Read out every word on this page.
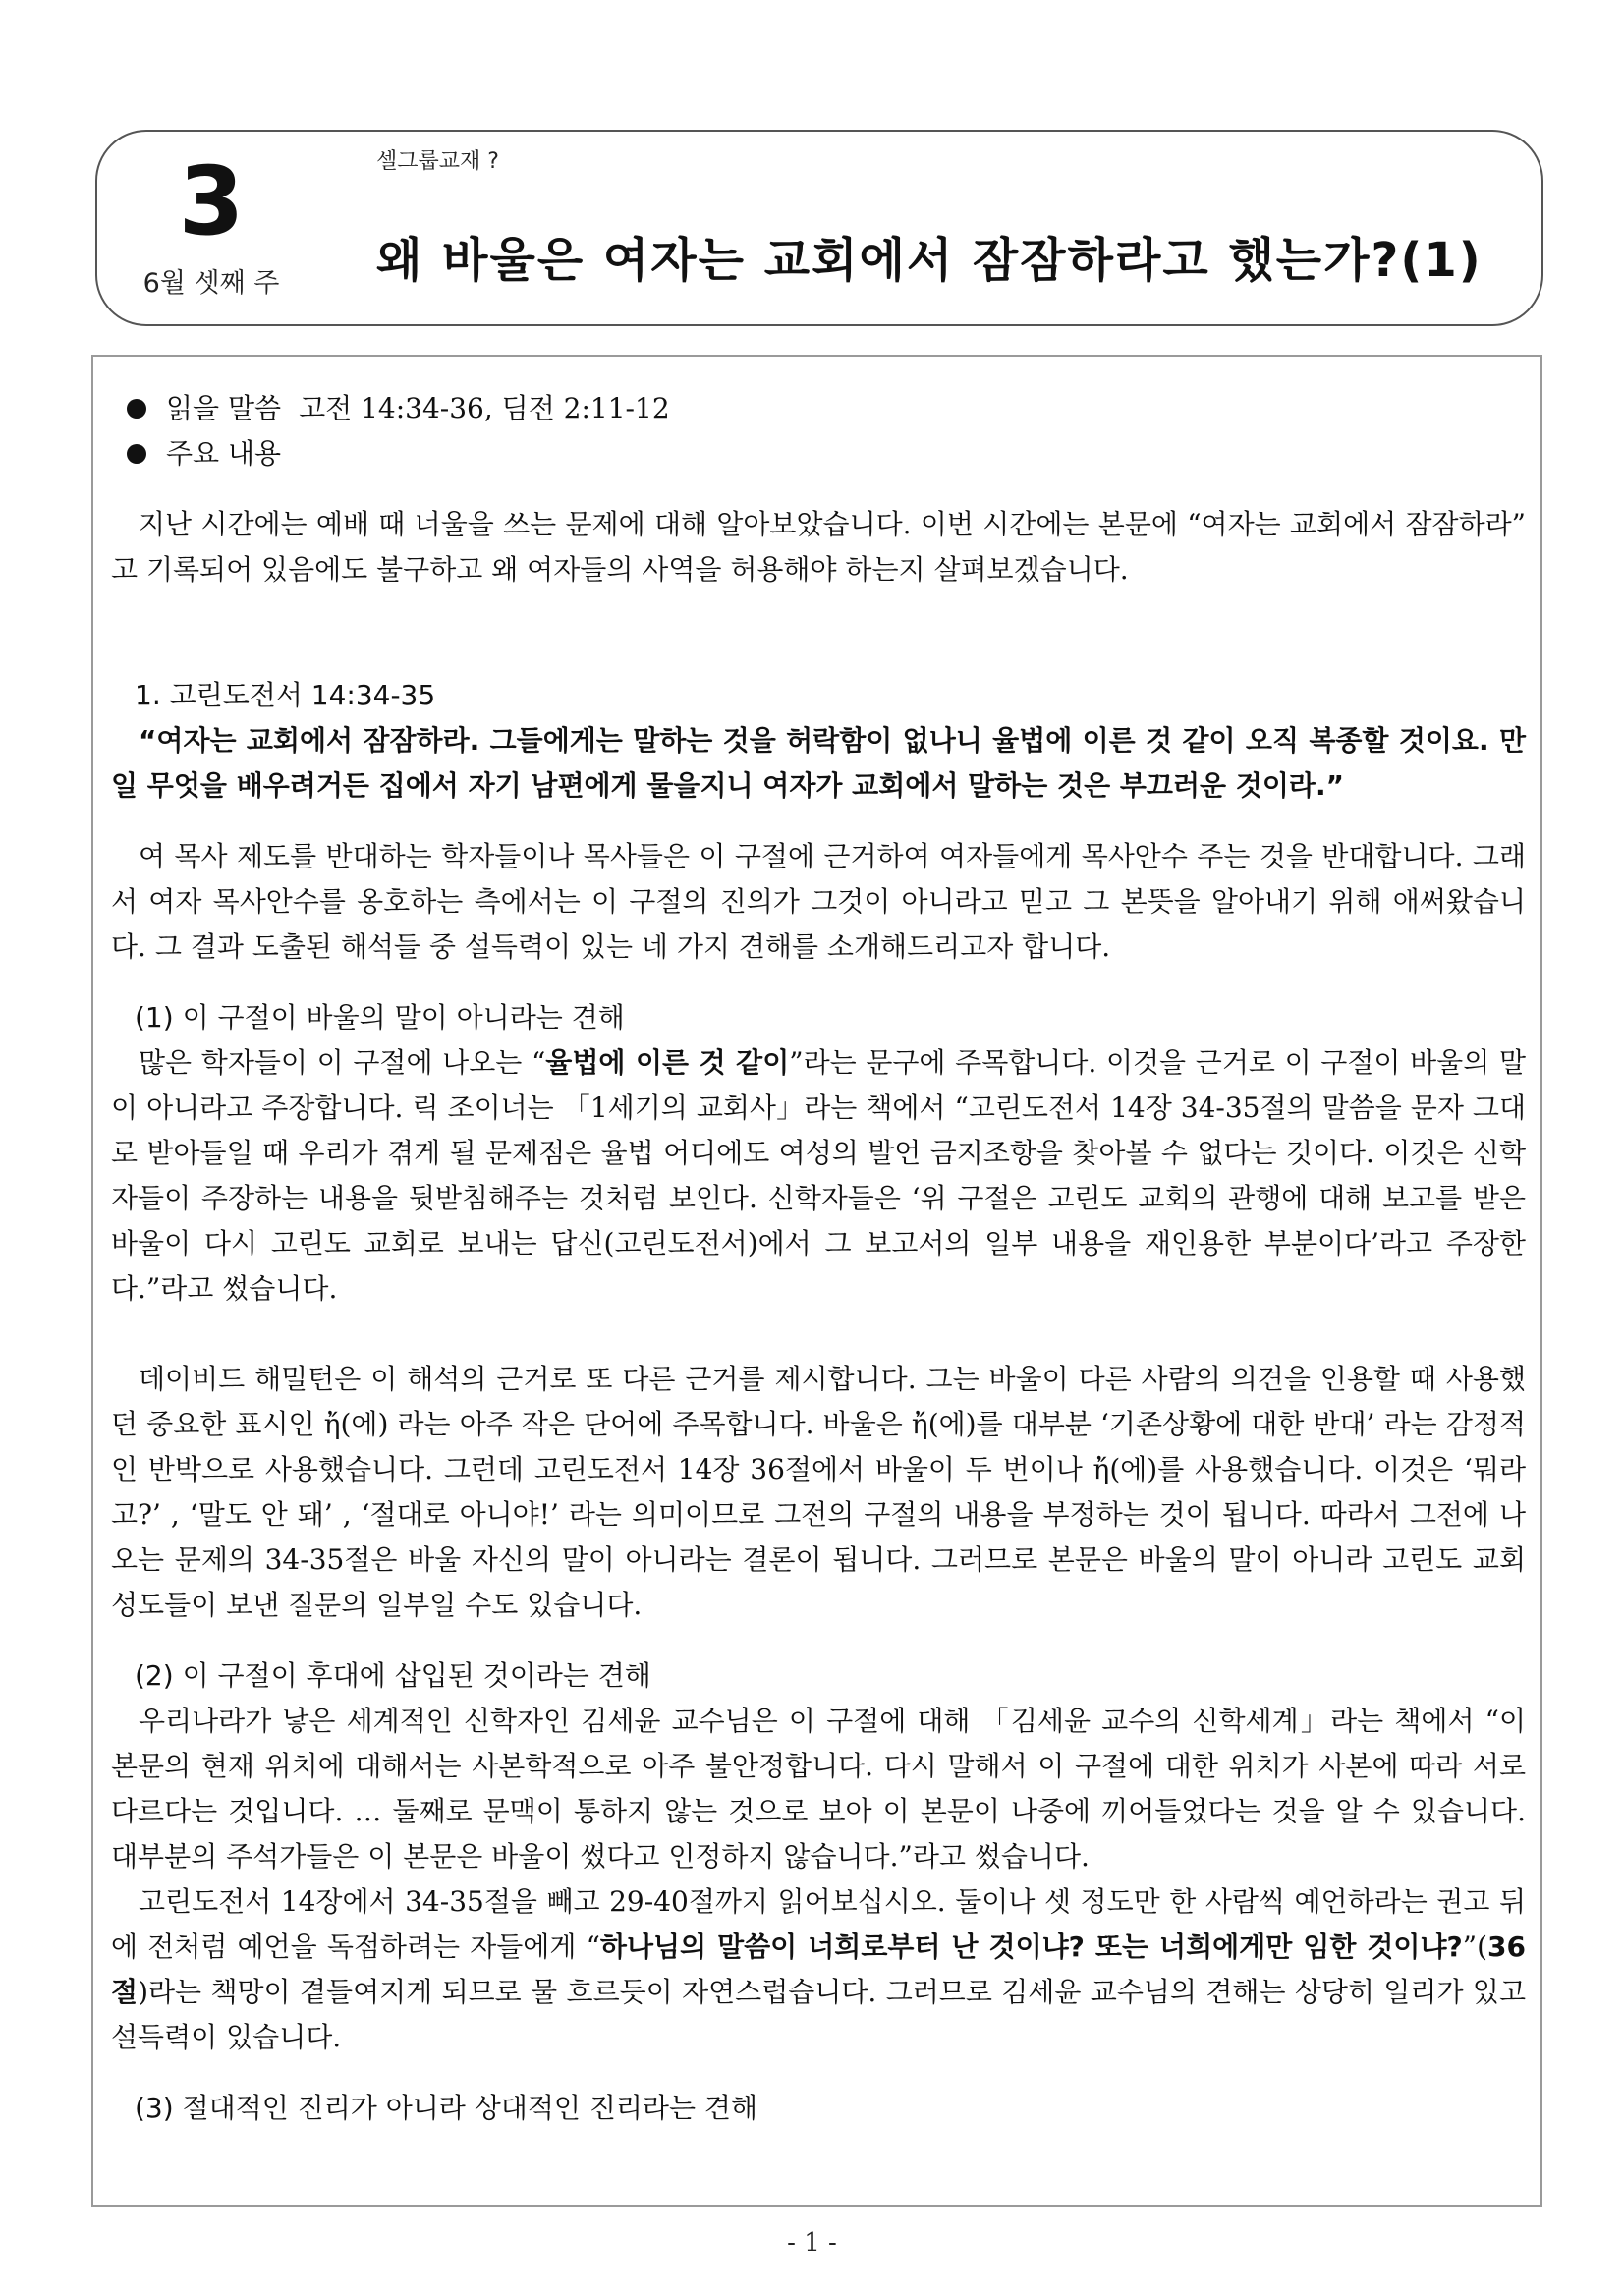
3
6월 셋째 주
셀그룹교재 ?
왜 바울은 여자는 교회에서 잠잠하라고 했는가?(1)
읽을 말씀 고전 14:34-36, 딤전 2:11-12
주요 내용

지난 시간에는 예배 때 너울을 쓰는 문제에 대해 알아보았습니다. 이번 시간에는 본문에 “여자는 교회에서 잠잠하라” 고 기록되어 있음에도 불구하고 왜 여자들의 사역을 허용해야 하는지 살펴보겠습니다.

1. 고린도전서 14:34-35
“여자는 교회에서 잠잠하라. 그들에게는 말하는 것을 허락함이 없나니 율법에 이른 것 같이 오직 복종할 것이요. 만일 무엇을 배우려거든 집에서 자기 남편에게 물을지니 여자가 교회에서 말하는 것은 부끄러운 것이라.”

여 목사 제도를 반대하는 학자들이나 목사들은 이 구절에 근거하여 여자들에게 목사안수 주는 것을 반대합니다. 그래서 여자 목사안수를 옹호하는 측에서는 이 구절의 진의가 그것이 아니라고 믿고 그 본뜻을 알아내기 위해 애써왔습니다. 그 결과 도출된 해석들 중 설득력이 있는 네 가지 견해를 소개해드리고자 합니다.

(1) 이 구절이 바울의 말이 아니라는 견해

많은 학자들이 이 구절에 나오는 “율법에 이른 것 같이”라는 문구에 주목합니다. 이것을 근거로 이 구절이 바울의 말이 아니라고 주장합니다. 릭 조이너는 「1세기의 교회사」라는 책에서 “고린도전서 14장 34-35절의 말씀을 문자 그대로 받아들일 때 우리가 겪게 될 문제점은 율법 어디에도 여성의 발언 금지조항을 찾아볼 수 없다는 것이다. 이것은 신학자들이 주장하는 내용을 뒷받침해주는 것처럼 보인다. 신학자들은 ‘위 구절은 고린도 교회의 관행에 대해 보고를 받은 바울이 다시 고린도 교회로 보내는 답신(고린도전서)에서 그 보고서의 일부 내용을 재인용한 부분이다’라고 주장한다.”라고 썼습니다.

데이비드 해밀턴은 이 해석의 근거로 또 다른 근거를 제시합니다. 그는 바울이 다른 사람의 의견을 인용할 때 사용했던 중요한 표시인 ἤ(에) 라는 아주 작은 단어에 주목합니다. 바울은 ἤ(에)를 대부분 ‘기존상황에 대한 반대’ 라는 감정적인 반박으로 사용했습니다. 그런데 고린도전서 14장 36절에서 바울이 두 번이나 ἤ(에)를 사용했습니다. 이것은 ‘뭐라고?’ , ‘말도 안 돼’ , ‘절대로 아니야!’ 라는 의미이므로 그전의 구절의 내용을 부정하는 것이 됩니다. 따라서 그전에 나오는 문제의 34-35절은 바울 자신의 말이 아니라는 결론이 됩니다. 그러므로 본문은 바울의 말이 아니라 고린도 교회 성도들이 보낸 질문의 일부일 수도 있습니다.

(2) 이 구절이 후대에 삽입된 것이라는 견해

우리나라가 낳은 세계적인 신학자인 김세윤 교수님은 이 구절에 대해 「김세윤 교수의 신학세계」라는 책에서 “이 본문의 현재 위치에 대해서는 사본학적으로 아주 불안정합니다. 다시 말해서 이 구절에 대한 위치가 사본에 따라 서로 다르다는 것입니다. … 둘째로 문맥이 통하지 않는 것으로 보아 이 본문이 나중에 끼어들었다는 것을 알 수 있습니다. 대부분의 주석가들은 이 본문은 바울이 썼다고 인정하지 않습니다.”라고 썼습니다.

고린도전서 14장에서 34-35절을 빼고 29-40절까지 읽어보십시오. 둘이나 셋 정도만 한 사람씩 예언하라는 권고 뒤에 전처럼 예언을 독점하려는 자들에게 “하나님의 말씀이 너희로부터 난 것이냐? 또는 너희에게만 임한 것이냐?”(36절)라는 책망이 곁들여지게 되므로 물 흐르듯이 자연스럽습니다. 그러므로 김세윤 교수님의 견해는 상당히 일리가 있고 설득력이 있습니다.

(3) 절대적인 진리가 아니라 상대적인 진리라는 견해
- 1 -
